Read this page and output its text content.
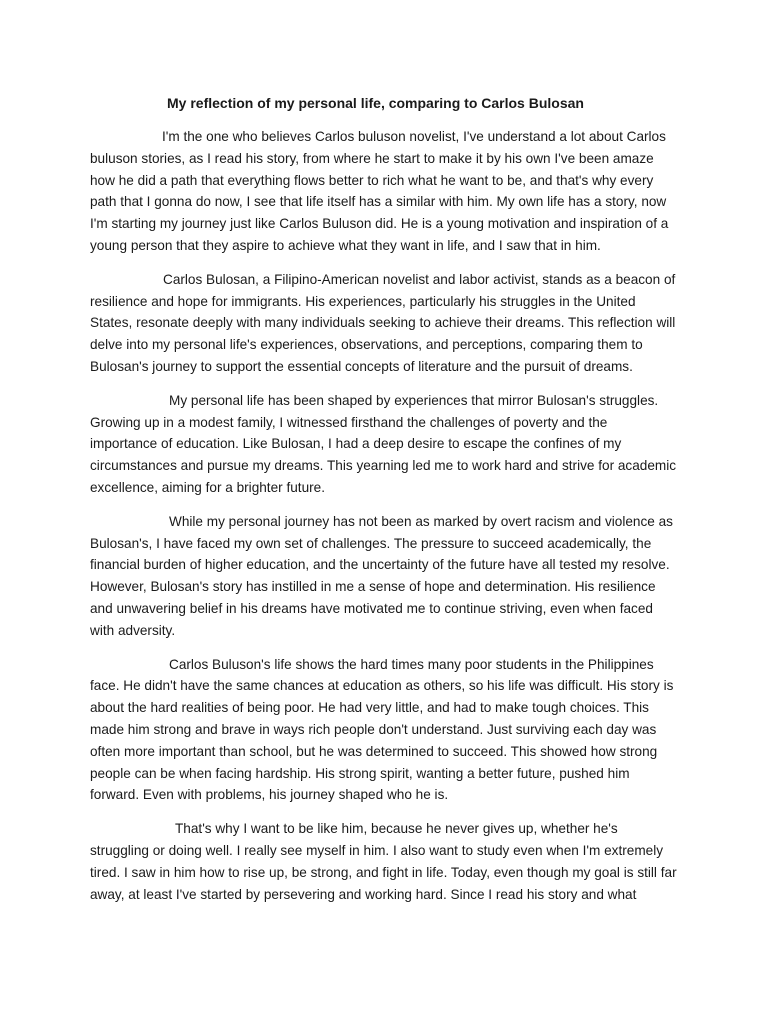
My reflection of my personal life, comparing to Carlos Bulosan

I'm the one who believes Carlos buluson novelist, I've understand a lot about Carlos buluson stories, as I read his story, from where he start to make it by his own I've been amaze how he did a path that everything flows better to rich what he want to be, and that's why every path that I gonna do now, I see that life itself has a similar with him. My own life has a story, now I'm starting my journey just like Carlos Buluson did. He is a young motivation and inspiration of a young person that they aspire to achieve what they want in life, and I saw that in him.

Carlos Bulosan, a Filipino-American novelist and labor activist, stands as a beacon of resilience and hope for immigrants. His experiences, particularly his struggles in the United States, resonate deeply with many individuals seeking to achieve their dreams. This reflection will delve into my personal life's experiences, observations, and perceptions, comparing them to Bulosan's journey to support the essential concepts of literature and the pursuit of dreams.

My personal life has been shaped by experiences that mirror Bulosan's struggles. Growing up in a modest family, I witnessed firsthand the challenges of poverty and the importance of education. Like Bulosan, I had a deep desire to escape the confines of my circumstances and pursue my dreams. This yearning led me to work hard and strive for academic excellence, aiming for a brighter future.

While my personal journey has not been as marked by overt racism and violence as Bulosan's, I have faced my own set of challenges. The pressure to succeed academically, the financial burden of higher education, and the uncertainty of the future have all tested my resolve. However, Bulosan's story has instilled in me a sense of hope and determination. His resilience and unwavering belief in his dreams have motivated me to continue striving, even when faced with adversity.

Carlos Buluson's life shows the hard times many poor students in the Philippines face. He didn't have the same chances at education as others, so his life was difficult. His story is about the hard realities of being poor. He had very little, and had to make tough choices. This made him strong and brave in ways rich people don't understand. Just surviving each day was often more important than school, but he was determined to succeed. This showed how strong people can be when facing hardship. His strong spirit, wanting a better future, pushed him forward. Even with problems, his journey shaped who he is.

That's why I want to be like him, because he never gives up, whether he's struggling or doing well. I really see myself in him. I also want to study even when I'm extremely tired. I saw in him how to rise up, be strong, and fight in life. Today, even though my goal is still far away, at least I've started by persevering and working hard. Since I read his story and what
